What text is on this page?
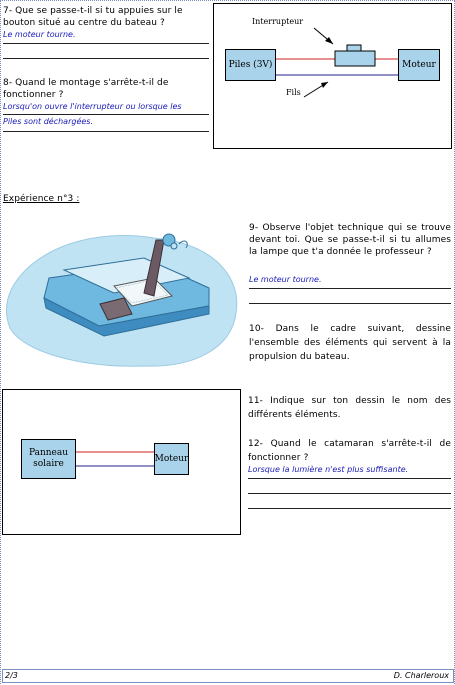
7- Que se passe-t-il si tu appuies sur le bouton situé au centre du bateau ?
Le moteur tourne.
8- Quand le montage s'arrête-t-il de fonctionner ?
Lorsqu'on ouvre l'interrupteur ou lorsque les
Piles sont déchargées.
Interrupteur
Piles (3V)	Moteur
Fils
Expérience n°3 :
9- Observe l'objet technique qui se trouve devant toi. Que se passe-t-il si tu allumes la lampe que t'a donnée le professeur ?
Le moteur tourne.
10- Dans le cadre suivant, dessine l'ensemble des éléments qui servent à la propulsion du bateau.
Panneau solaire	Moteur
11- Indique sur ton dessin le nom des différents éléments.
12- Quand le catamaran s'arrête-t-il de fonctionner ?
Lorsque la lumière n'est plus suffisante.
2/3	D. Charleroux
